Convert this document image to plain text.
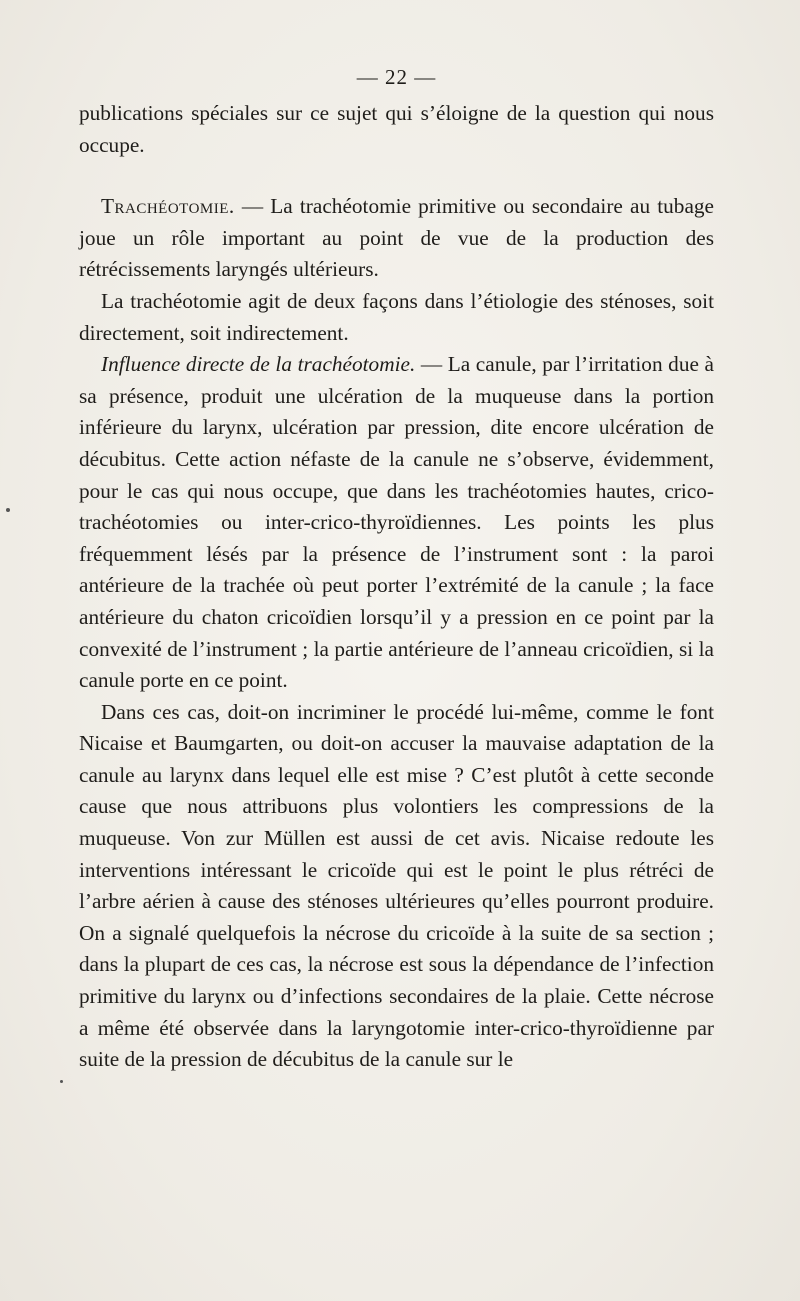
— 22 —

publications spéciales sur ce sujet qui s’éloigne de la question qui nous occupe.

Trachéotomie. — La trachéotomie primitive ou secondaire au tubage joue un rôle important au point de vue de la production des rétrécissements laryngés ultérieurs.

La trachéotomie agit de deux façons dans l’étiologie des sténoses, soit directement, soit indirectement.

Influence directe de la trachéotomie. — La canule, par l’irritation due à sa présence, produit une ulcération de la muqueuse dans la portion inférieure du larynx, ulcération par pression, dite encore ulcération de décubitus. Cette action néfaste de la canule ne s’observe, évidemment, pour le cas qui nous occupe, que dans les trachéotomies hautes, crico-trachéotomies ou inter-crico-thyroïdiennes. Les points les plus fréquemment lésés par la présence de l’instrument sont : la paroi antérieure de la trachée où peut porter l’extrémité de la canule ; la face antérieure du chaton cricoïdien lorsqu’il y a pression en ce point par la convexité de l’instrument ; la partie antérieure de l’anneau cricoïdien, si la canule porte en ce point.

Dans ces cas, doit-on incriminer le procédé lui-même, comme le font Nicaise et Baumgarten, ou doit-on accuser la mauvaise adaptation de la canule au larynx dans lequel elle est mise ? C’est plutôt à cette seconde cause que nous attribuons plus volontiers les compressions de la muqueuse. Von zur Müllen est aussi de cet avis. Nicaise redoute les interventions intéressant le cricoïde qui est le point le plus rétréci de l’arbre aérien à cause des sténoses ultérieures qu’elles pourront produire. On a signalé quelquefois la nécrose du cricoïde à la suite de sa section ; dans la plupart de ces cas, la nécrose est sous la dépendance de l’infection primitive du larynx ou d’infections secondaires de la plaie. Cette nécrose a même été observée dans la laryngotomie inter-crico-thyroïdienne par suite de la pression de décubitus de la canule sur le
